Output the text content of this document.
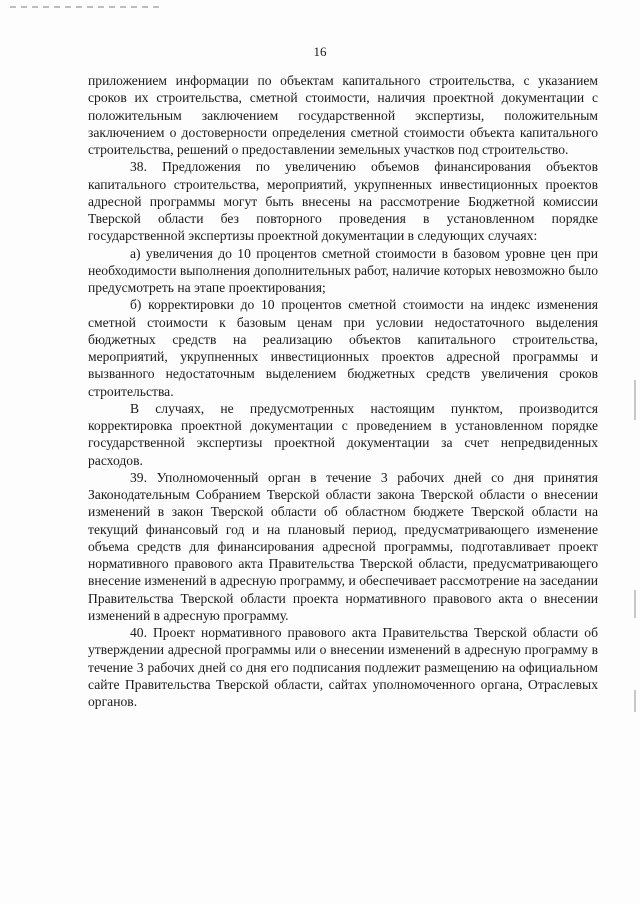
16

приложением информации по объектам капитального строительства, с указанием сроков их строительства, сметной стоимости, наличия проектной документации с положительным заключением государственной экспертизы, положительным заключением о достоверности определения сметной стоимости объекта капитального строительства, решений о предоставлении земельных участков под строительство.

38. Предложения по увеличению объемов финансирования объектов капитального строительства, мероприятий, укрупненных инвестиционных проектов адресной программы могут быть внесены на рассмотрение Бюджетной комиссии Тверской области без повторного проведения в установленном порядке государственной экспертизы проектной документации в следующих случаях:

а) увеличения до 10 процентов сметной стоимости в базовом уровне цен при необходимости выполнения дополнительных работ, наличие которых невозможно было предусмотреть на этапе проектирования;

б) корректировки до 10 процентов сметной стоимости на индекс изменения сметной стоимости к базовым ценам при условии недостаточного выделения бюджетных средств на реализацию объектов капитального строительства, мероприятий, укрупненных инвестиционных проектов адресной программы и вызванного недостаточным выделением бюджетных средств увеличения сроков строительства.

В случаях, не предусмотренных настоящим пунктом, производится корректировка проектной документации с проведением в установленном порядке государственной экспертизы проектной документации за счет непредвиденных расходов.

39. Уполномоченный орган в течение 3 рабочих дней со дня принятия Законодательным Собранием Тверской области закона Тверской области о внесении изменений в закон Тверской области об областном бюджете Тверской области на текущий финансовый год и на плановый период, предусматривающего изменение объема средств для финансирования адресной программы, подготавливает проект нормативного правового акта Правительства Тверской области, предусматривающего внесение изменений в адресную программу, и обеспечивает рассмотрение на заседании Правительства Тверской области проекта нормативного правового акта о внесении изменений в адресную программу.

40. Проект нормативного правового акта Правительства Тверской области об утверждении адресной программы или о внесении изменений в адресную программу в течение 3 рабочих дней со дня его подписания подлежит размещению на официальном сайте Правительства Тверской области, сайтах уполномоченного органа, Отраслевых органов.
